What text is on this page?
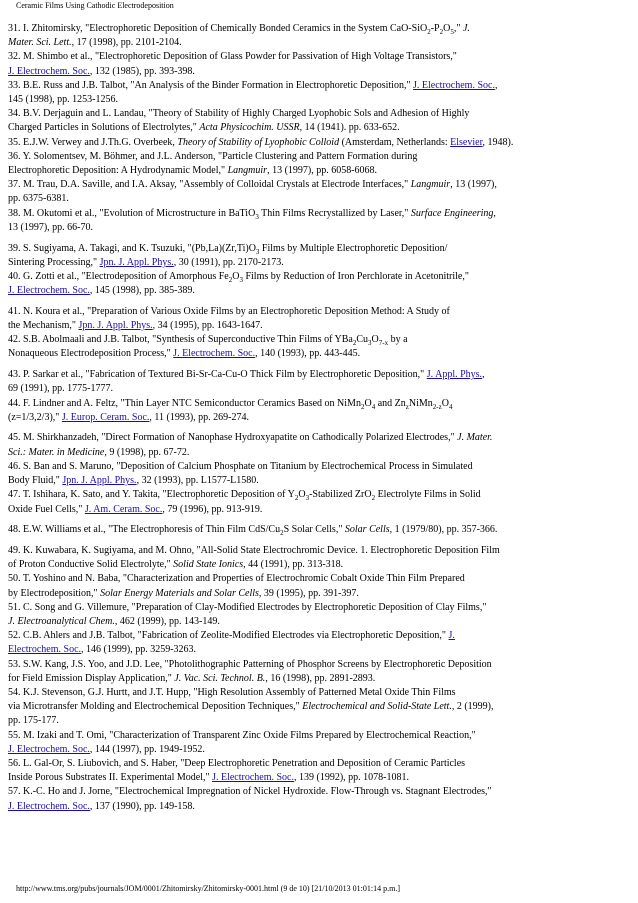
Ceramic Films Using Cathodic Electrodeposition
31. I. Zhitomirsky, "Electrophoretic Deposition of Chemically Bonded Ceramics in the System CaO-$SiO_2-P_2O_5$," J.
Mater. Sci. Lett., 17 (1998), pp. 2101-2104.
32. M. Shimbo et al., "Electrophoretic Deposition of Glass Powder for Passivation of High Voltage Transistors,"
J. Electrochem. Soc., 132 (1985), pp. 393-398.
33. B.E. Russ and J.B. Talbot, "An Analysis of the Binder Formation in Electrophoretic Deposition," J. Electrochem. Soc.,
145 (1998), pp. 1253-1256.
34. B.V. Derjaguin and L. Landau, "Theory of Stability of Highly Charged Lyophobic Sols and Adhesion of Highly
Charged Particles in Solutions of Electrolytes," Acta Physicochim. USSR, 14 (1941). pp. 633-652.
35. E.J.W. Verwey and J.Th.G. Overbeek, Theory of Stability of Lyophobic Colloid (Amsterdam, Netherlands: Elsevier, 1948).
36. Y. Solomentsev, M. Böhmer, and J.L. Anderson, "Particle Clustering and Pattern Formation during
Electrophoretic Deposition: A Hydrodynamic Model," Langmuir, 13 (1997), pp. 6058-6068.
37. M. Trau, D.A. Saville, and I.A. Aksay, "Assembly of Colloidal Crystals at Electrode Interfaces," Langmuir, 13 (1997),
pp. 6375-6381.
38. M. Okutomi et al., "Evolution of Microstructure in BaTiO$_3$ Thin Films Recrystallized by Laser," Surface Engineering,
13 (1997), pp. 66-70.
39. S. Sugiyama, A. Takagi, and K. Tsuzuki, "$(Pb,La)(Zr,Ti)O_3$ Films by Multiple Electrophoretic Deposition/
Sintering Processing," Jpn. J. Appl. Phys., 30 (1991), pp. 2170-2173.
40. G. Zotti et al., "Electrodeposition of Amorphous $Fe_2O_3$ Films by Reduction of Iron Perchlorate in Acetonitrile,"
J. Electrochem. Soc., 145 (1998), pp. 385-389.
41. N. Koura et al., "Preparation of Various Oxide Films by an Electrophoretic Deposition Method: A Study of
the Mechanism," Jpn. J. Appl. Phys., 34 (1995), pp. 1643-1647.
42. S.B. Abolmaali and J.B. Talbot, "Synthesis of Superconductive Thin Films of $YBa_2Cu_3O_{7-x}$ by a
Nonaqueous Electrodeposition Process," J. Electrochem. Soc., 140 (1993), pp. 443-445.
43. P. Sarkar et al., "Fabrication of Textured Bi-Sr-Ca-Cu-O Thick Film by Electrophoretic Deposition," J. Appl. Phys.,
69 (1991), pp. 1775-1777.
44. F. Lindner and A. Feltz, "Thin Layer NTC Semiconductor Ceramics Based on $NiMn_2O_4$ and $Zn_zNiMn_{2-z}O_4$
(z=1/3,2/3)," J. Europ. Ceram. Soc., 11 (1993), pp. 269-274.
45. M. Shirkhanzadeh, "Direct Formation of Nanophase Hydroxyapatite on Cathodically Polarized Electrodes," J. Mater.
Sci.: Mater. in Medicine, 9 (1998), pp. 67-72.
46. S. Ban and S. Maruno, "Deposition of Calcium Phosphate on Titanium by Electrochemical Process in Simulated
Body Fluid," Jpn. J. Appl. Phys., 32 (1993), pp. L1577-L1580.
47. T. Ishihara, K. Sato, and Y. Takita, "Electrophoretic Deposition of $Y_2O_3$-Stabilized ZrO$_2$ Electrolyte Films in Solid
Oxide Fuel Cells," J. Am. Ceram. Soc., 79 (1996), pp. 913-919.
48. E.W. Williams et al., "The Electrophoresis of Thin Film CdS/$Cu_2S$ Solar Cells," Solar Cells, 1 (1979/80), pp. 357-366.
49. K. Kuwabara, K. Sugiyama, and M. Ohno, "All-Solid State Electrochromic Device. 1. Electrophoretic Deposition Film
of Proton Conductive Solid Electrolyte," Solid State Ionics, 44 (1991), pp. 313-318.
50. T. Yoshino and N. Baba, "Characterization and Properties of Electrochromic Cobalt Oxide Thin Film Prepared
by Electrodeposition," Solar Energy Materials and Solar Cells, 39 (1995), pp. 391-397.
51. C. Song and G. Villemure, "Preparation of Clay-Modified Electrodes by Electrophoretic Deposition of Clay Films,"
J. Electroanalytical Chem., 462 (1999), pp. 143-149.
52. C.B. Ahlers and J.B. Talbot, "Fabrication of Zeolite-Modified Electrodes via Electrophoretic Deposition," J.
Electrochem. Soc., 146 (1999), pp. 3259-3263.
53. S.W. Kang, J.S. Yoo, and J.D. Lee, "Photolithographic Patterning of Phosphor Screens by Electrophoretic Deposition
for Field Emission Display Application," J. Vac. Sci. Technol. B., 16 (1998), pp. 2891-2893.
54. K.J. Stevenson, G.J. Hurtt, and J.T. Hupp, "High Resolution Assembly of Patterned Metal Oxide Thin Films
via Microtransfer Molding and Electrochemical Deposition Techniques," Electrochemical and Solid-State Lett., 2 (1999),
pp. 175-177.
55. M. Izaki and T. Omi, "Characterization of Transparent Zinc Oxide Films Prepared by Electrochemical Reaction,"
J. Electrochem. Soc., 144 (1997), pp. 1949-1952.
56. L. Gal-Or, S. Liubovich, and S. Haber, "Deep Electrophoretic Penetration and Deposition of Ceramic Particles
Inside Porous Substrates II. Experimental Model," J. Electrochem. Soc., 139 (1992), pp. 1078-1081.
57. K.-C. Ho and J. Jorne, "Electrochemical Impregnation of Nickel Hydroxide. Flow-Through vs. Stagnant Electrodes,"
J. Electrochem. Soc., 137 (1990), pp. 149-158.
http://www.tms.org/pubs/journals/JOM/0001/Zhitomirsky/Zhitomirsky-0001.html (9 de 10) [21/10/2013 01:01:14 p.m.]
